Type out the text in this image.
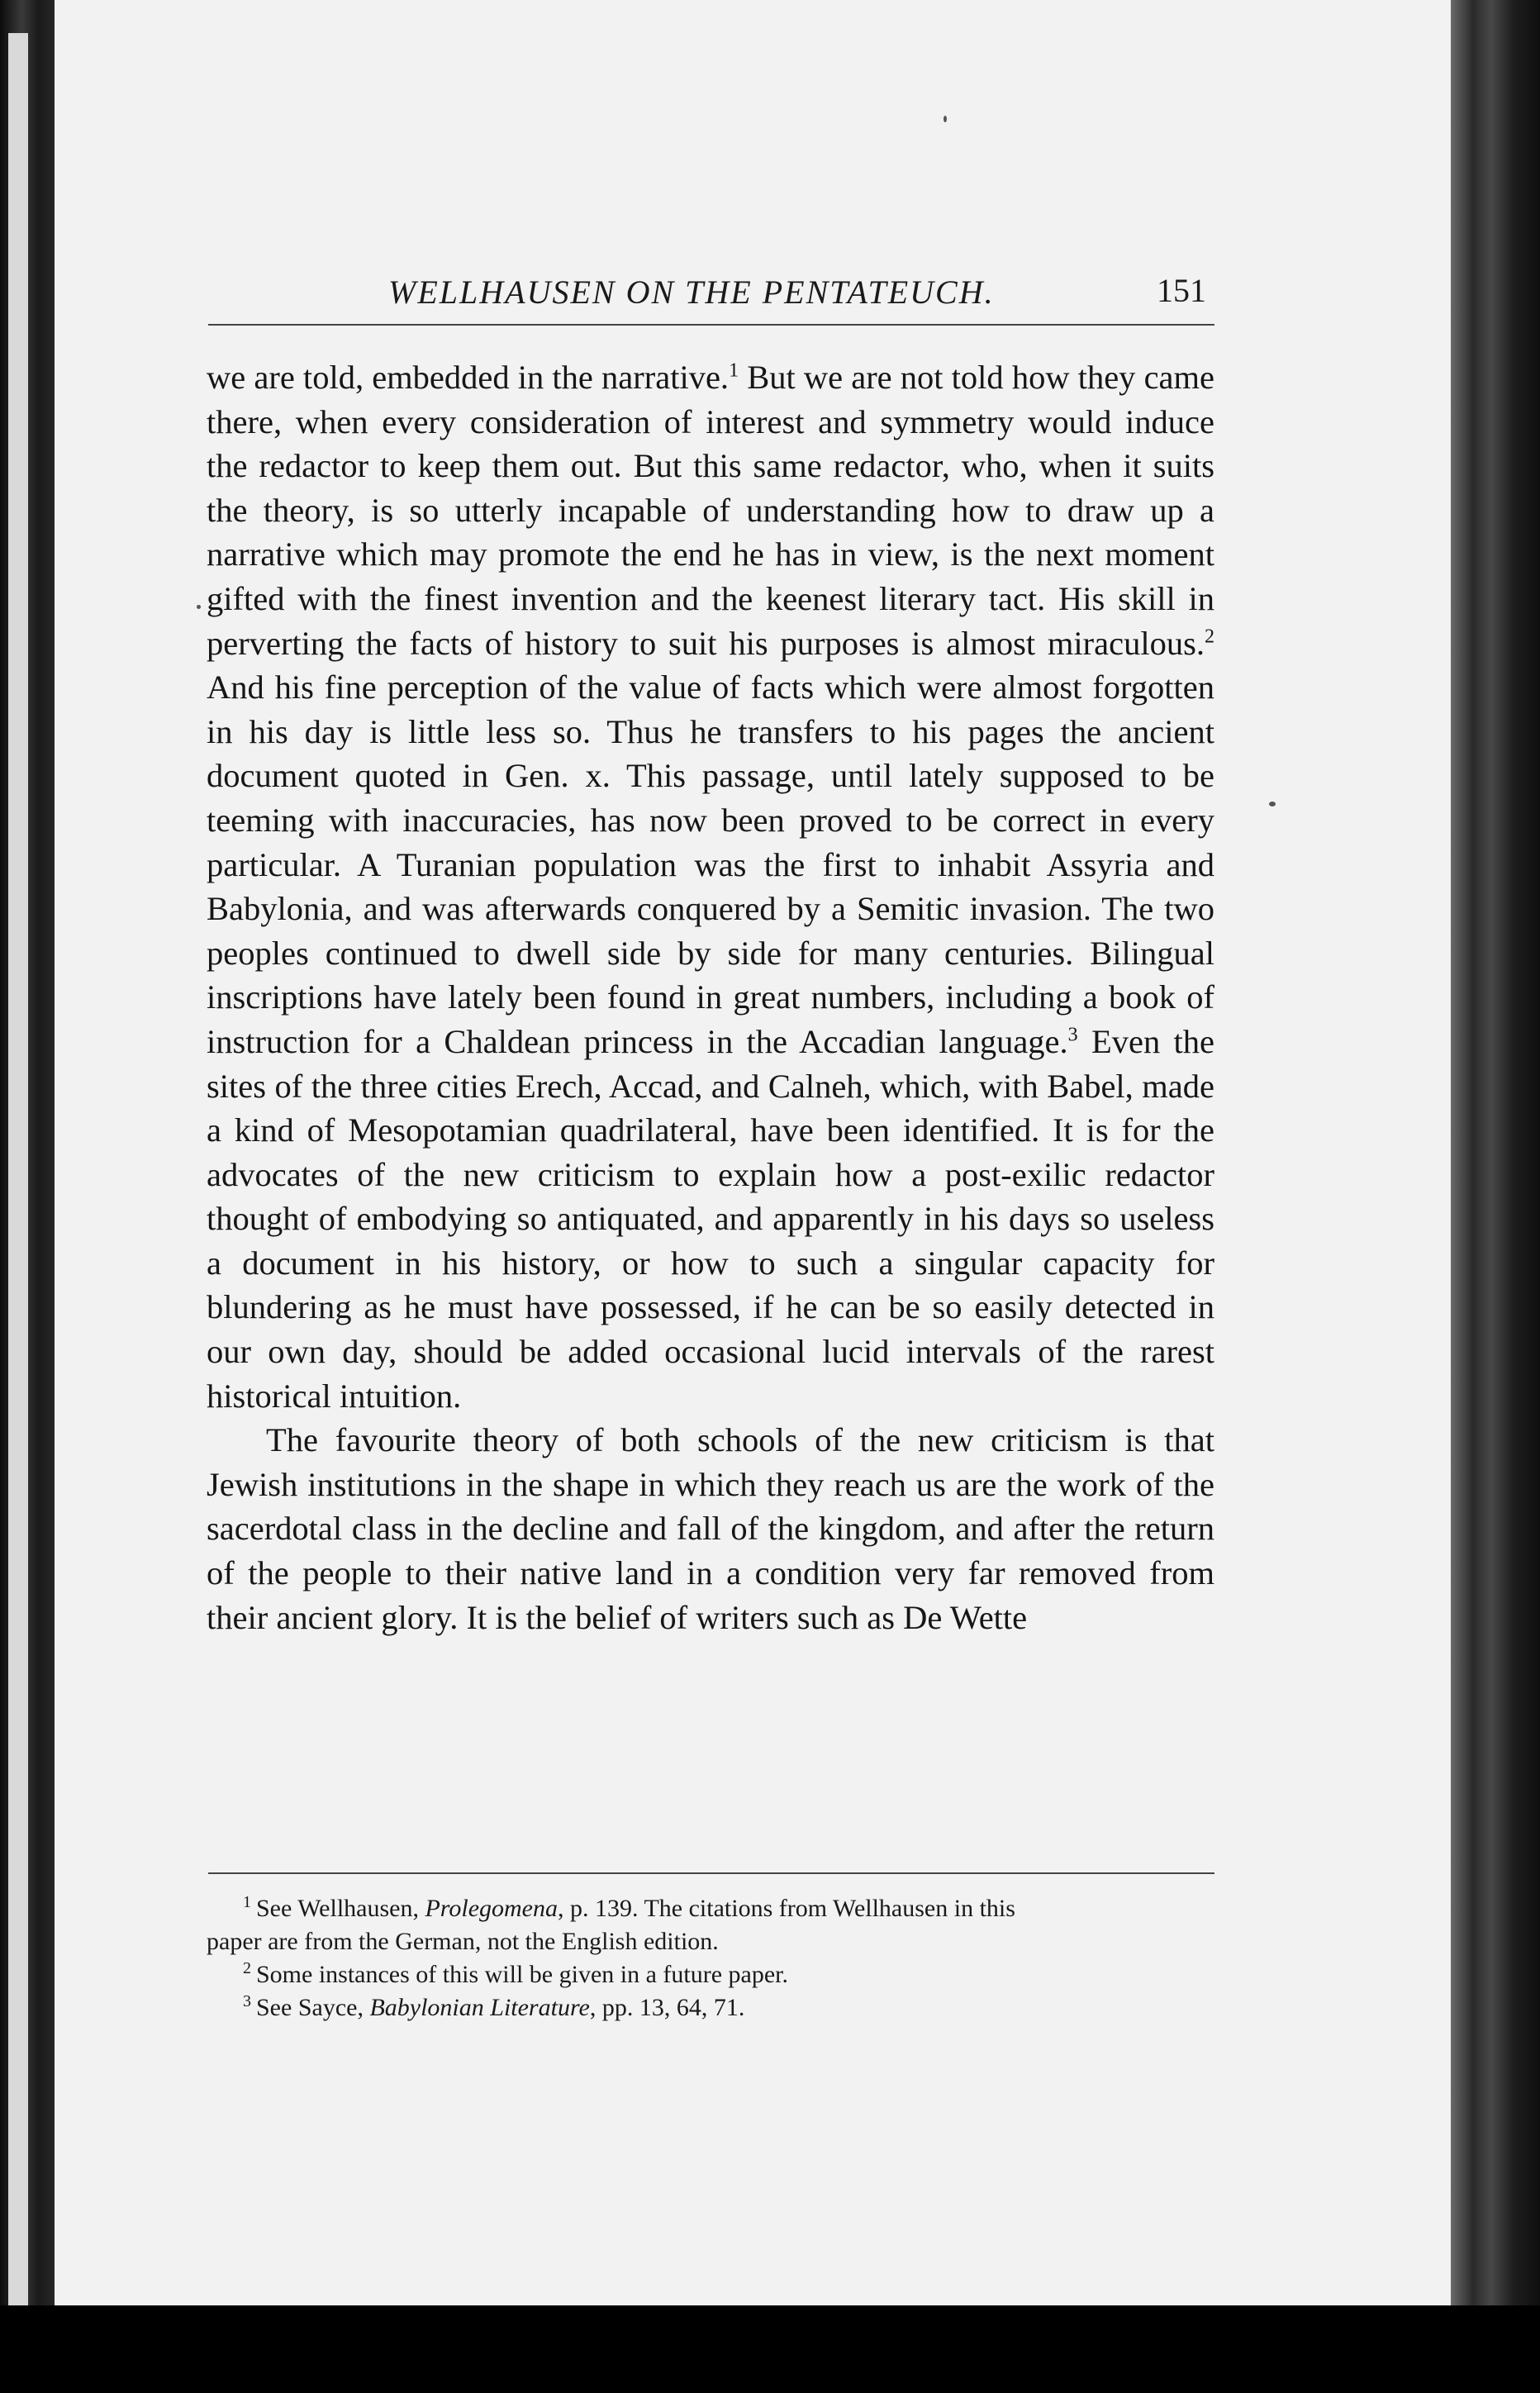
WELLHAUSEN ON THE PENTATEUCH.	151

we are told, embedded in the narrative.$^1$ But we are not told how they came there, when every consideration of interest and symmetry would induce the redactor to keep them out. But this same redactor, who, when it suits the theory, is so utterly incapable of understanding how to draw up a narrative which may promote the end he has in view, is the next moment gifted with the finest invention and the keenest literary tact. His skill in perverting the facts of history to suit his purposes is almost miraculous.$^2$ And his fine perception of the value of facts which were almost forgotten in his day is little less so. Thus he transfers to his pages the ancient document quoted in Gen. x. This passage, until lately supposed to be teeming with inaccuracies, has now been proved to be correct in every particular. A Turanian population was the first to inhabit Assyria and Babylonia, and was afterwards conquered by a Semitic invasion. The two peoples continued to dwell side by side for many centuries. Bilingual inscriptions have lately been found in great numbers, including a book of instruction for a Chaldean princess in the Accadian language.$^3$ Even the sites of the three cities Erech, Accad, and Calneh, which, with Babel, made a kind of Mesopotamian quadrilateral, have been identified. It is for the advocates of the new criticism to explain how a post-exilic redactor thought of embodying so antiquated, and apparently in his days so useless a document in his history, or how to such a singular capacity for blundering as he must have possessed, if he can be so easily detected in our own day, should be added occasional lucid intervals of the rarest historical intuition.

The favourite theory of both schools of the new criticism is that Jewish institutions in the shape in which they reach us are the work of the sacerdotal class in the decline and fall of the kingdom, and after the return of the people to their native land in a condition very far removed from their ancient glory. It is the belief of writers such as De Wette

$^1$ See Wellhausen, Prolegomena, p. 139. The citations from Wellhausen in this

paper are from the German, not the English edition.

$^2$ Some instances of this will be given in a future paper.

$^3$ See Sayce, Babylonian Literature, pp. 13, 64, 71.
